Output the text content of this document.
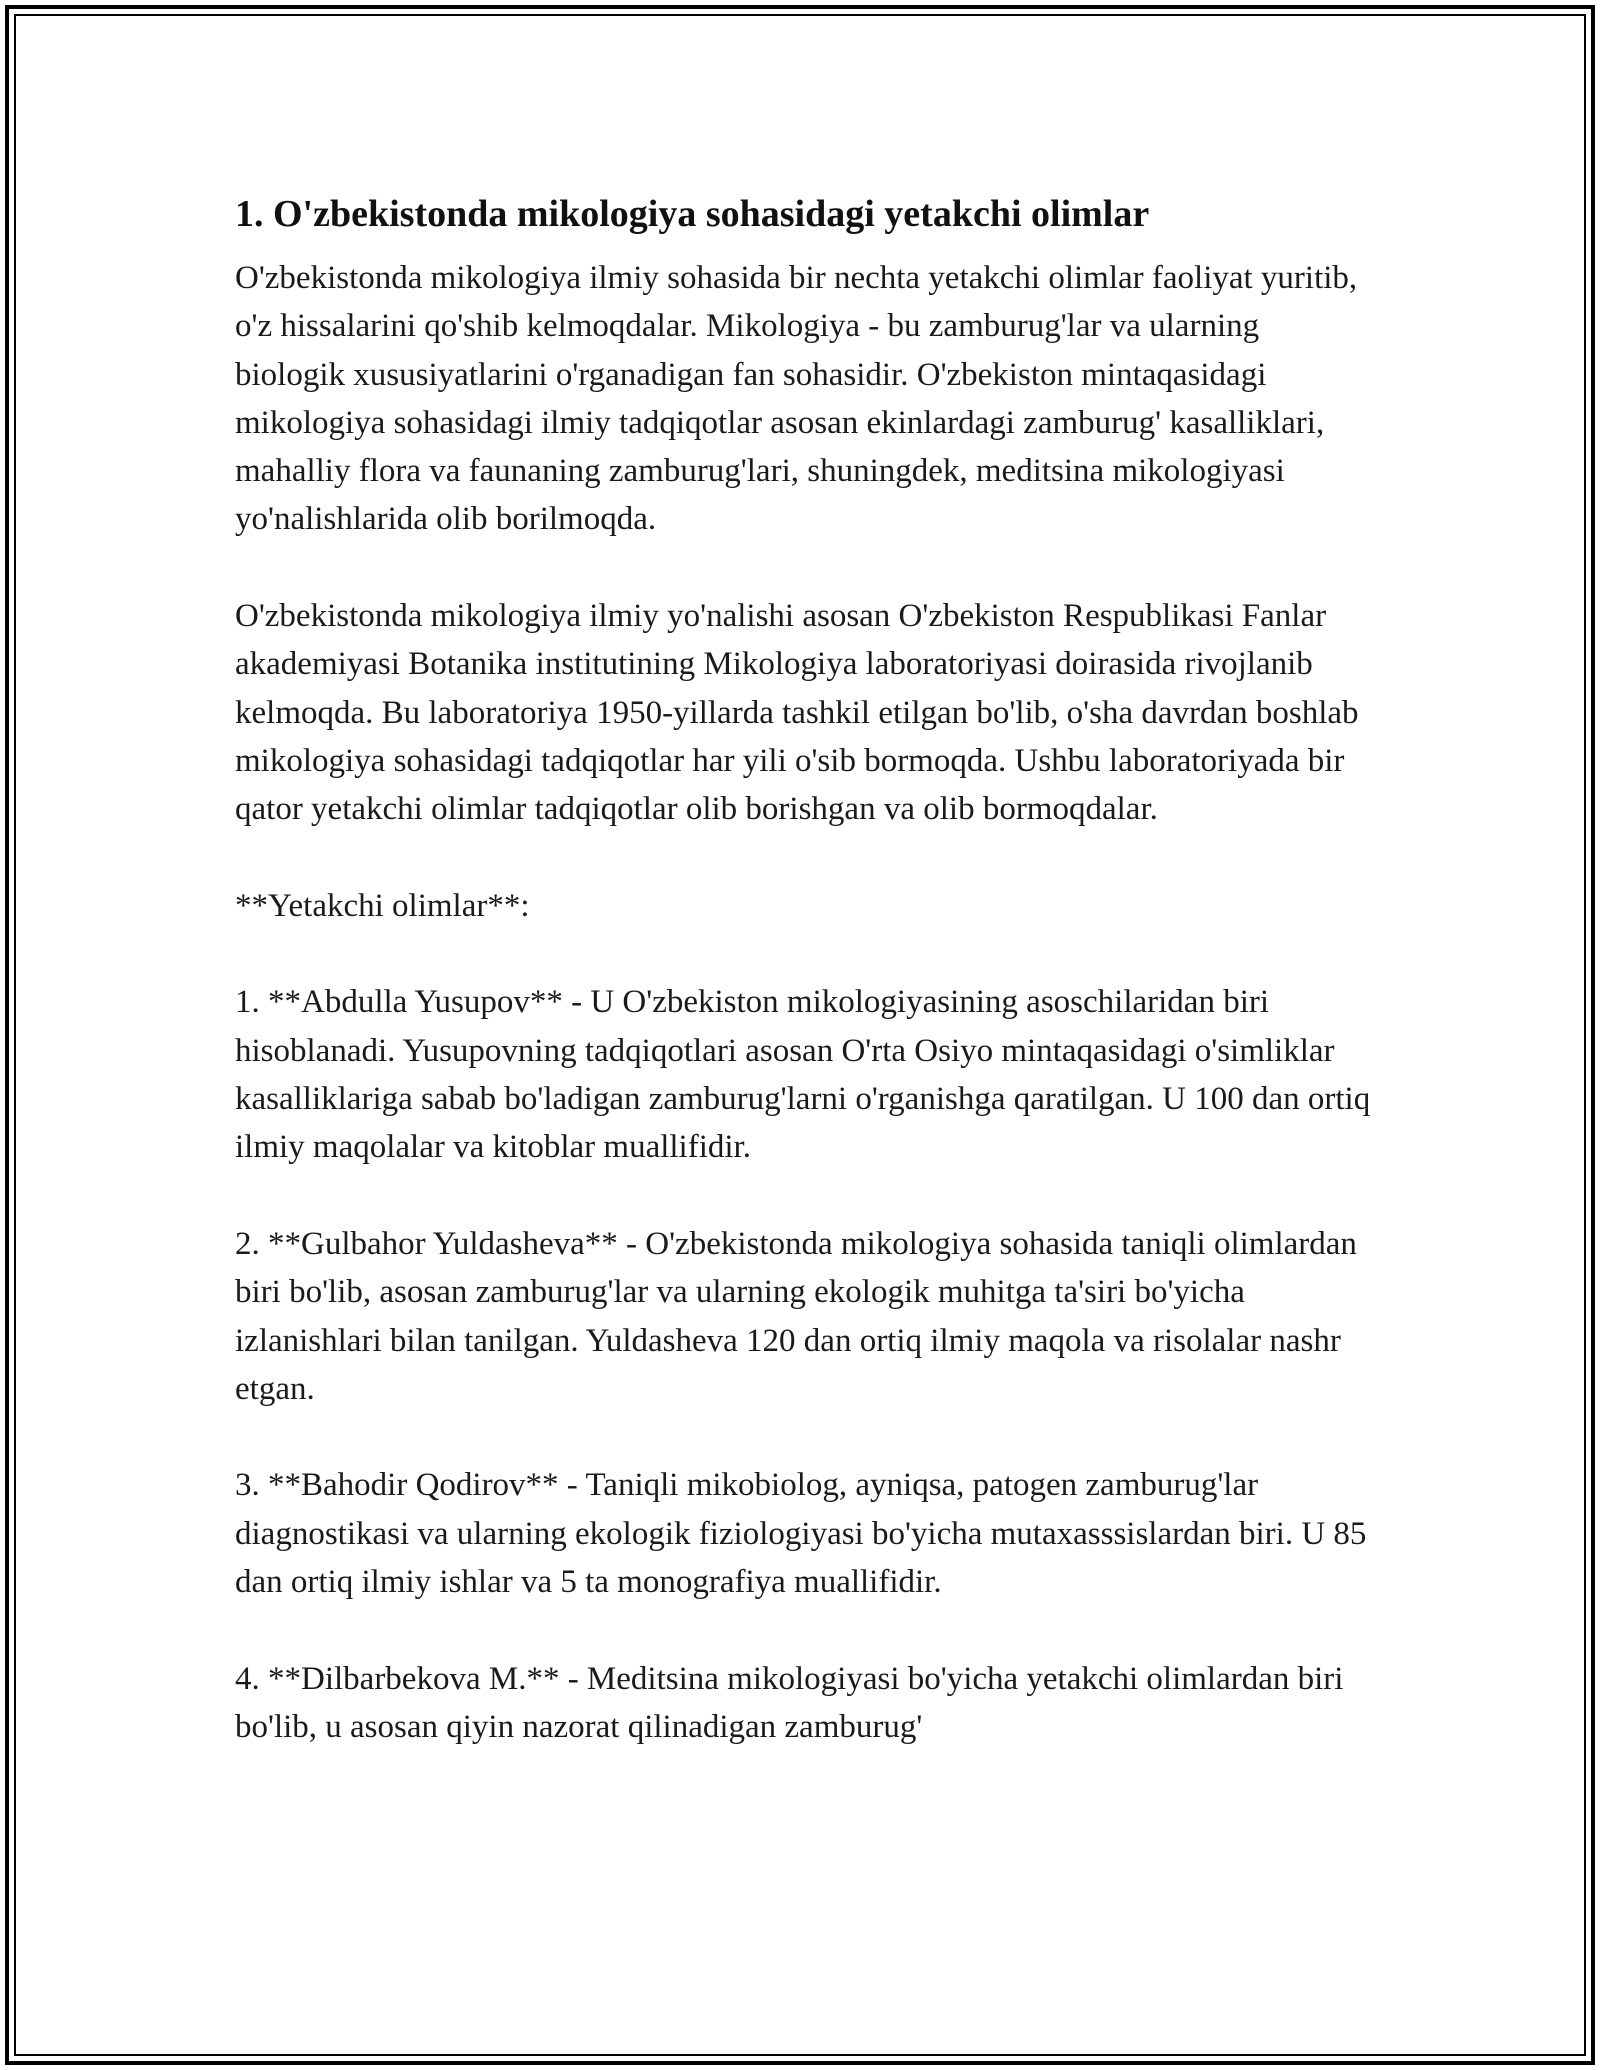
1. O'zbekistonda mikologiya sohasidagi yetakchi olimlar

O'zbekistonda mikologiya ilmiy sohasida bir nechta yetakchi olimlar faoliyat yuritib, o'z hissalarini qo'shib kelmoqdalar. Mikologiya - bu zamburug'lar va ularning biologik xususiyatlarini o'rganadigan fan sohasidir. O'zbekiston mintaqasidagi mikologiya sohasidagi ilmiy tadqiqotlar asosan ekinlardagi zamburug' kasalliklari, mahalliy flora va faunaning zamburug'lari, shuningdek, meditsina mikologiyasi yo'nalishlarida olib borilmoqda.

O'zbekistonda mikologiya ilmiy yo'nalishi asosan O'zbekiston Respublikasi Fanlar akademiyasi Botanika institutining Mikologiya laboratoriyasi doirasida rivojlanib kelmoqda. Bu laboratoriya 1950-yillarda tashkil etilgan bo'lib, o'sha davrdan boshlab mikologiya sohasidagi tadqiqotlar har yili o'sib bormoqda. Ushbu laboratoriyada bir qator yetakchi olimlar tadqiqotlar olib borishgan va olib bormoqdalar.

**Yetakchi olimlar**:

1. **Abdulla Yusupov** - U O'zbekiston mikologiyasining asoschilaridan biri hisoblanadi. Yusupovning tadqiqotlari asosan O'rta Osiyo mintaqasidagi o'simliklar kasalliklariga sabab bo'ladigan zamburug'larni o'rganishga qaratilgan. U 100 dan ortiq ilmiy maqolalar va kitoblar muallifidir.

2. **Gulbahor Yuldasheva** - O'zbekistonda mikologiya sohasida taniqli olimlardan biri bo'lib, asosan zamburug'lar va ularning ekologik muhitga ta'siri bo'yicha izlanishlari bilan tanilgan. Yuldasheva 120 dan ortiq ilmiy maqola va risolalar nashr etgan.

3. **Bahodir Qodirov** - Taniqli mikobiolog, ayniqsa, patogen zamburug'lar diagnostikasi va ularning ekologik fiziologiyasi bo'yicha mutaxasssislardan biri. U 85 dan ortiq ilmiy ishlar va 5 ta monografiya muallifidir.

4. **Dilbarbekova M.** - Meditsina mikologiyasi bo'yicha yetakchi olimlardan biri bo'lib, u asosan qiyin nazorat qilinadigan zamburug'
